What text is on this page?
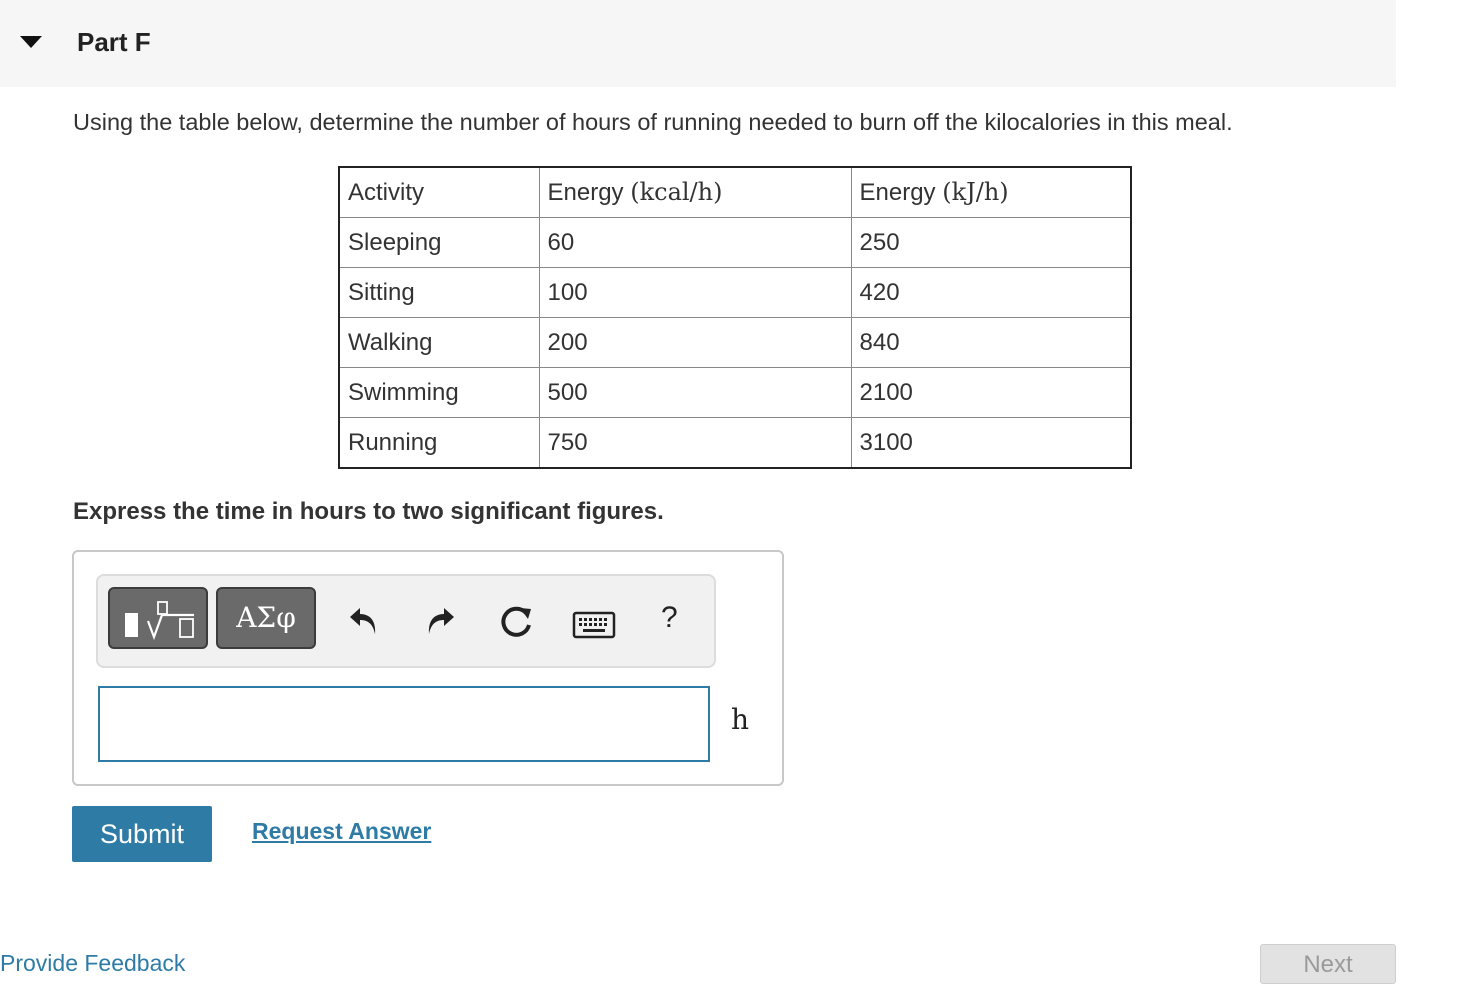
Part F
Using the table below, determine the number of hours of running needed to burn off the kilocalories in this meal.
Activity	Energy (kcal/h)	Energy (kJ/h)
Sleeping	60	250
Sitting	100	420
Walking	200	840
Swimming	500	2100
Running	750	3100
Express the time in hours to two significant figures.
ΑΣφ	?
h
Submit	Request Answer
Provide Feedback	Next
